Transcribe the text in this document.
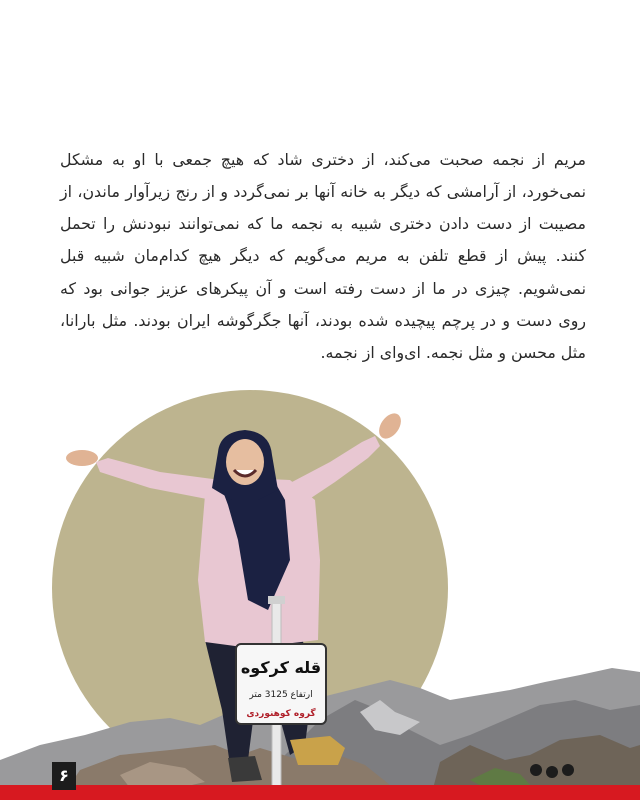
مریم از نجمه صحبت می‌کند، از دختری شاد که هیچ جمعی با او به مشکل نمی‌خورد، از آرامشی که دیگر به خانه آنها بر نمی‌گردد و از رنج زیرآوار ماندن، از مصیبت از دست دادن دختری شبیه به نجمه ما که نمی‌توانند نبودنش را تحمل کنند. پیش از قطع تلفن به مریم می‌گویم که دیگر هیچ کدام‌مان شبیه قبل نمی‌شویم. چیزی در ما از دست رفته است و آن پیکرهای عزیز جوانی بود که روی دست و در پرچم پیچیده شده بودند، آنها جگرگوشه ایران بودند. مثل بارانا، مثل محسن و مثل نجمه. ای‌وای از نجمه.

قله کرکوه
ارتفاع 3125 متر
گروه کوهنوردی
۶
